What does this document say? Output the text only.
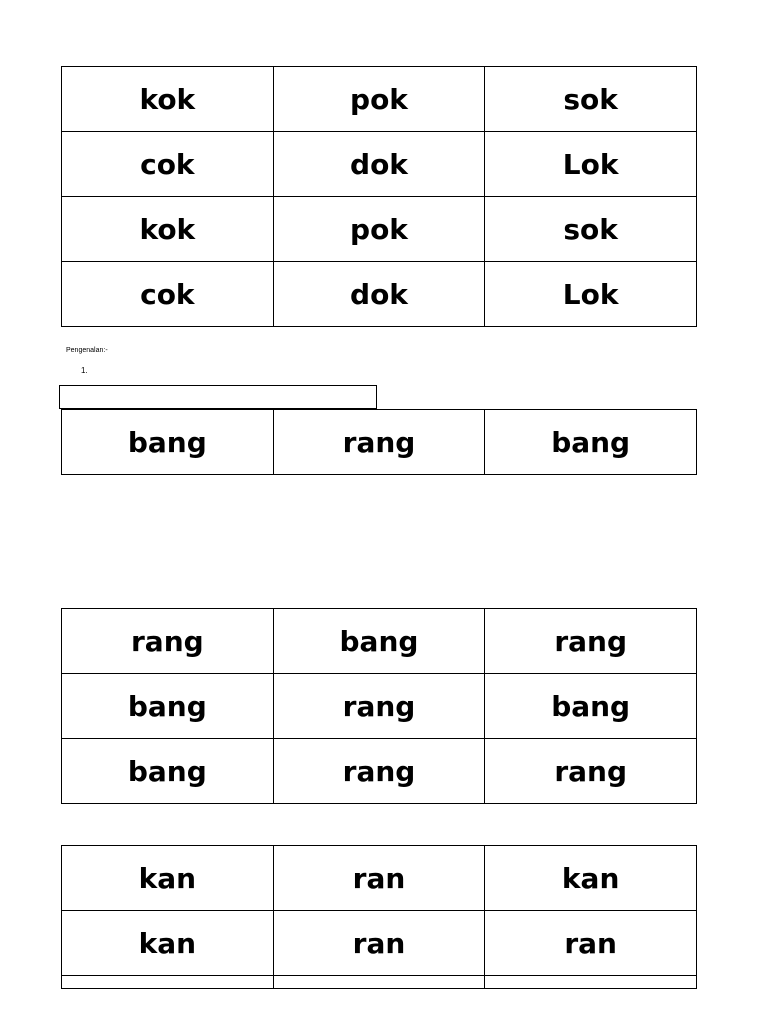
kok	pok	sok
cok	dok	Lok
kok	pok	sok
cok	dok	Lok
Pengenalan:-
1.
bang	rang	bang
rang	bang	rang
bang	rang	bang
bang	rang	rang
kan	ran	kan
kan	ran	ran
